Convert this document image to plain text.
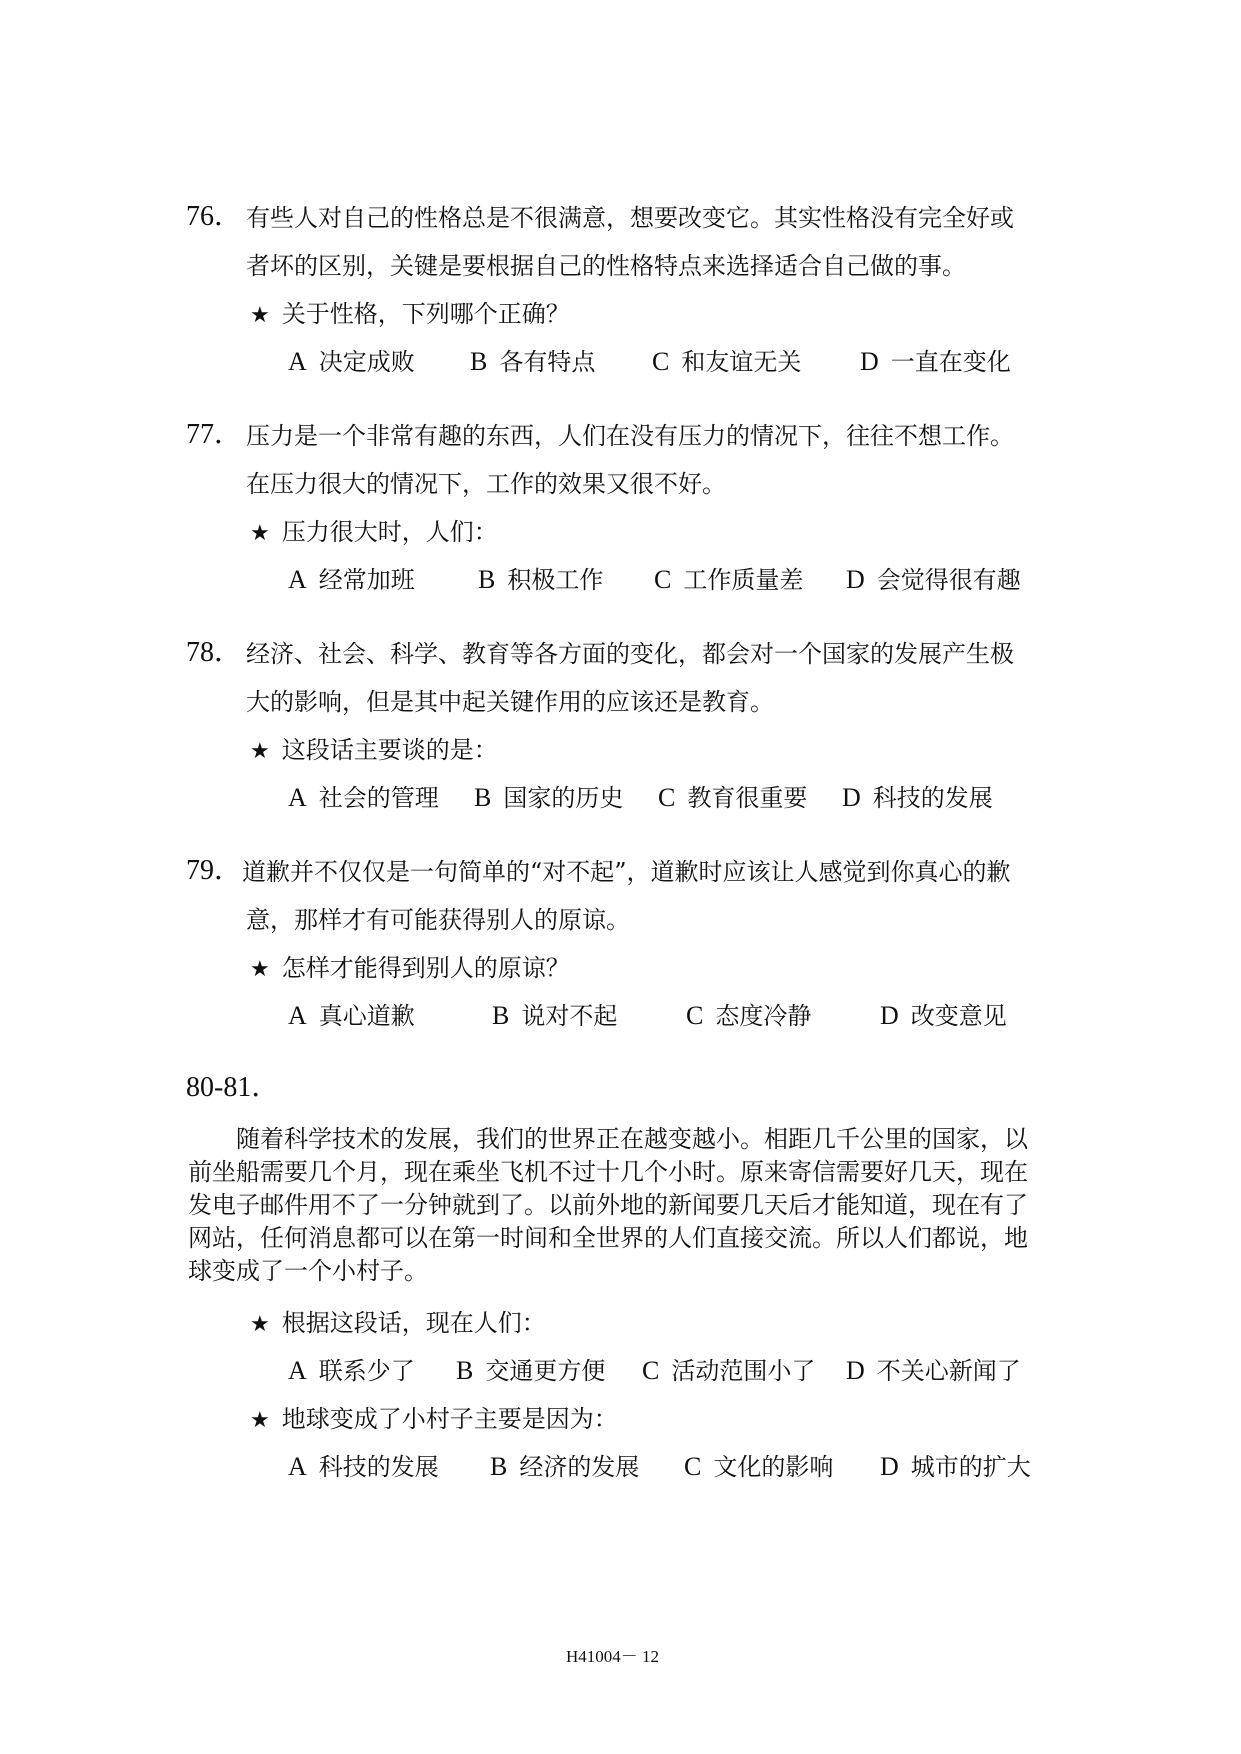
76． 有些人对自己的性格总是不很满意，想要改变它。其实性格没有完全好或
者坏的区别，关键是要根据自己的性格特点来选择适合自己做的事。
★ 关于性格，下列哪个正确？
A 决定成败 B 各有特点 C 和友谊无关 D 一直在变化
77． 压力是一个非常有趣的东西，人们在没有压力的情况下，往往不想工作。
在压力很大的情况下，工作的效果又很不好。
★ 压力很大时，人们：
A 经常加班 B 积极工作 C 工作质量差 D 会觉得很有趣
78． 经济、社会、科学、教育等各方面的变化，都会对一个国家的发展产生极
大的影响，但是其中起关键作用的应该还是教育。
★ 这段话主要谈的是：
A 社会的管理 B 国家的历史 C 教育很重要 D 科技的发展
79． 道歉并不仅仅是一句简单的“对不起”，道歉时应该让人感觉到你真心的歉
意，那样才有可能获得别人的原谅。
★ 怎样才能得到别人的原谅？
A 真心道歉	B 说对不起	C 态度冷静	D 改变意见
80-81．
随着科学技术的发展，我们的世界正在越变越小。相距几千公里的国家，以
前坐船需要几个月，现在乘坐飞机不过十几个小时。原来寄信需要好几天，现在
发电子邮件用不了一分钟就到了。以前外地的新闻要几天后才能知道，现在有了
网站，任何消息都可以在第一时间和全世界的人们直接交流。所以人们都说，地
球变成了一个小村子。
★ 根据这段话，现在人们：
A 联系少了 B 交通更方便 C 活动范围小了 D 不关心新闻了
★ 地球变成了小村子主要是因为：
A 科技的发展 B 经济的发展 C 文化的影响 D 城市的扩大
H41004－ 12
